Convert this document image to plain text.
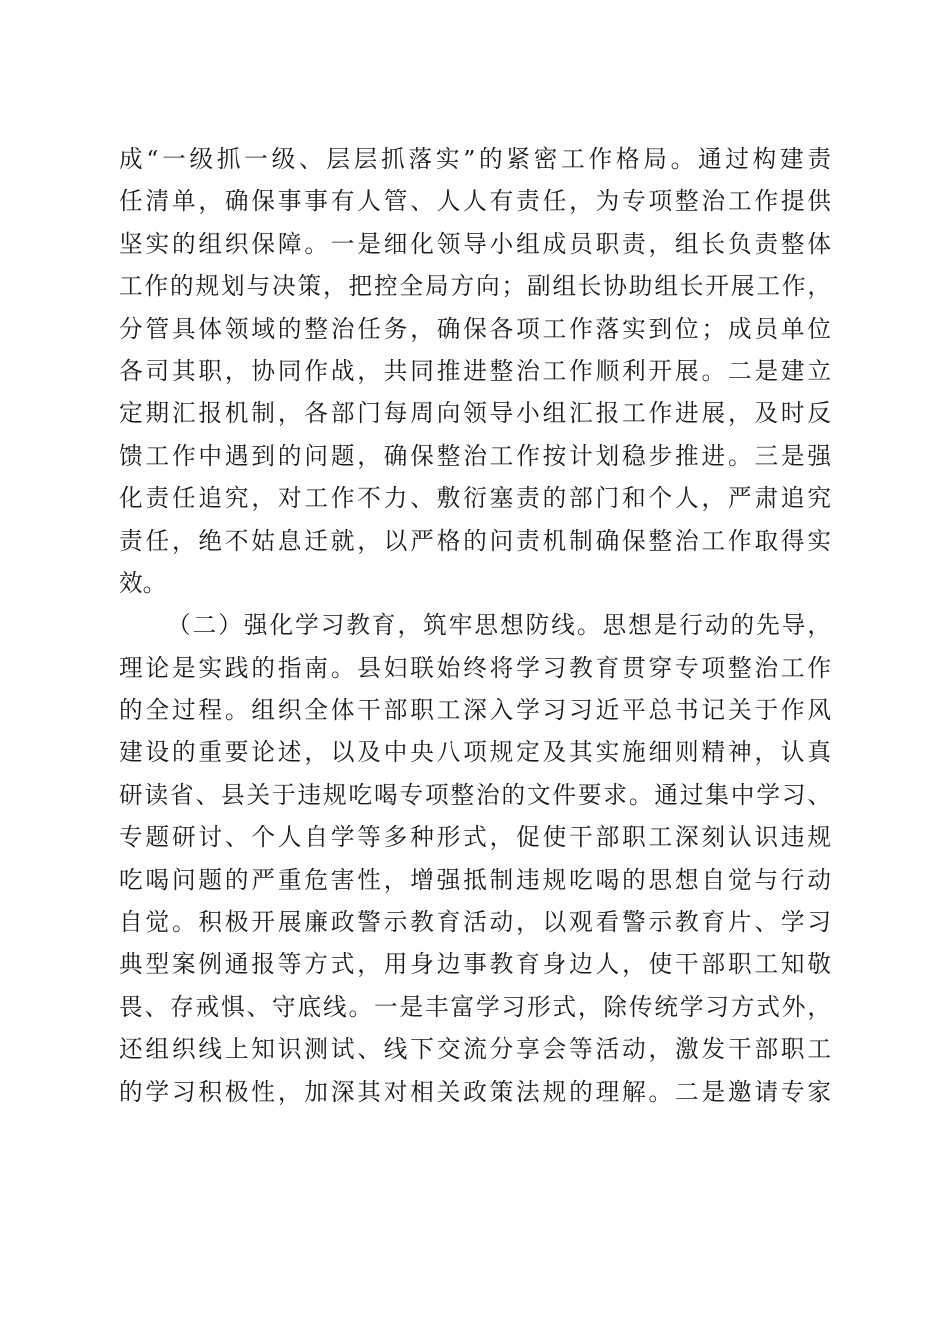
成“一级抓一级、层层抓落实”的紧密工作格局。通过构建责
任清单，确保事事有人管、人人有责任，为专项整治工作提供
坚实的组织保障。一是细化领导小组成员职责，组长负责整体
工作的规划与决策，把控全局方向；副组长协助组长开展工作，
分管具体领域的整治任务，确保各项工作落实到位；成员单位
各司其职，协同作战，共同推进整治工作顺利开展。二是建立
定期汇报机制，各部门每周向领导小组汇报工作进展，及时反
馈工作中遇到的问题，确保整治工作按计划稳步推进。三是强
化责任追究，对工作不力、敷衍塞责的部门和个人，严肃追究
责任，绝不姑息迁就，以严格的问责机制确保整治工作取得实
效。
（二）强化学习教育，筑牢思想防线。思想是行动的先导，
理论是实践的指南。县妇联始终将学习教育贯穿专项整治工作
的全过程。组织全体干部职工深入学习习近平总书记关于作风
建设的重要论述，以及中央八项规定及其实施细则精神，认真
研读省、县关于违规吃喝专项整治的文件要求。通过集中学习、
专题研讨、个人自学等多种形式，促使干部职工深刻认识违规
吃喝问题的严重危害性，增强抵制违规吃喝的思想自觉与行动
自觉。积极开展廉政警示教育活动，以观看警示教育片、学习
典型案例通报等方式，用身边事教育身边人，使干部职工知敬
畏、存戒惧、守底线。一是丰富学习形式，除传统学习方式外，
还组织线上知识测试、线下交流分享会等活动，激发干部职工
的学习积极性，加深其对相关政策法规的理解。二是邀请专家
